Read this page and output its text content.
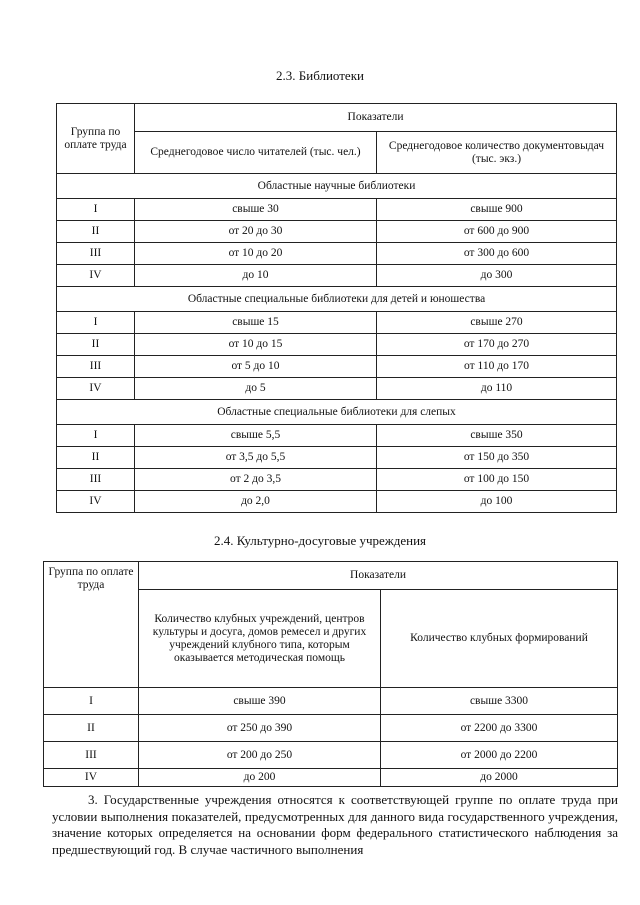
2.3. Библиотеки
Группа по оплате труда	Показатели	
	Среднегодовое число читателей (тыс. чел.)	Среднегодовое количество документовыдач (тыс. экз.)
Областные научные библиотеки		
I	свыше 30	свыше 900
II	от 20 до 30	от 600 до 900
III	от 10 до 20	от 300 до 600
IV	до 10	до 300
Областные специальные библиотеки для детей и юношества		
I	свыше 15	свыше 270
II	от 10 до 15	от 170 до 270
III	от 5 до 10	от 110 до 170
IV	до 5	до 110
Областные специальные библиотеки для слепых		
I	свыше 5,5	свыше 350
II	от 3,5 до 5,5	от 150 до 350
III	от 2 до 3,5	от 100 до 150
IV	до 2,0	до 100
2.4. Культурно-досуговые учреждения
Группа по оплате труда	Показатели	
	Количество клубных учреждений, центров культуры и досуга, домов ремесел и других учреждений клубного типа, которым оказывается методическая помощь	Количество клубных формирований
I	свыше 390	свыше 3300
II	от 250 до 390	от 2200 до 3300
III	от 200 до 250	от 2000 до 2200
IV	до 200	до 2000
3. Государственные учреждения относятся к соответствующей группе по оплате труда при условии выполнения показателей, предусмотренных для данного вида государственного учреждения, значение которых определяется на основании форм федерального статистического наблюдения за предшествующий год. В случае частичного выполнения
